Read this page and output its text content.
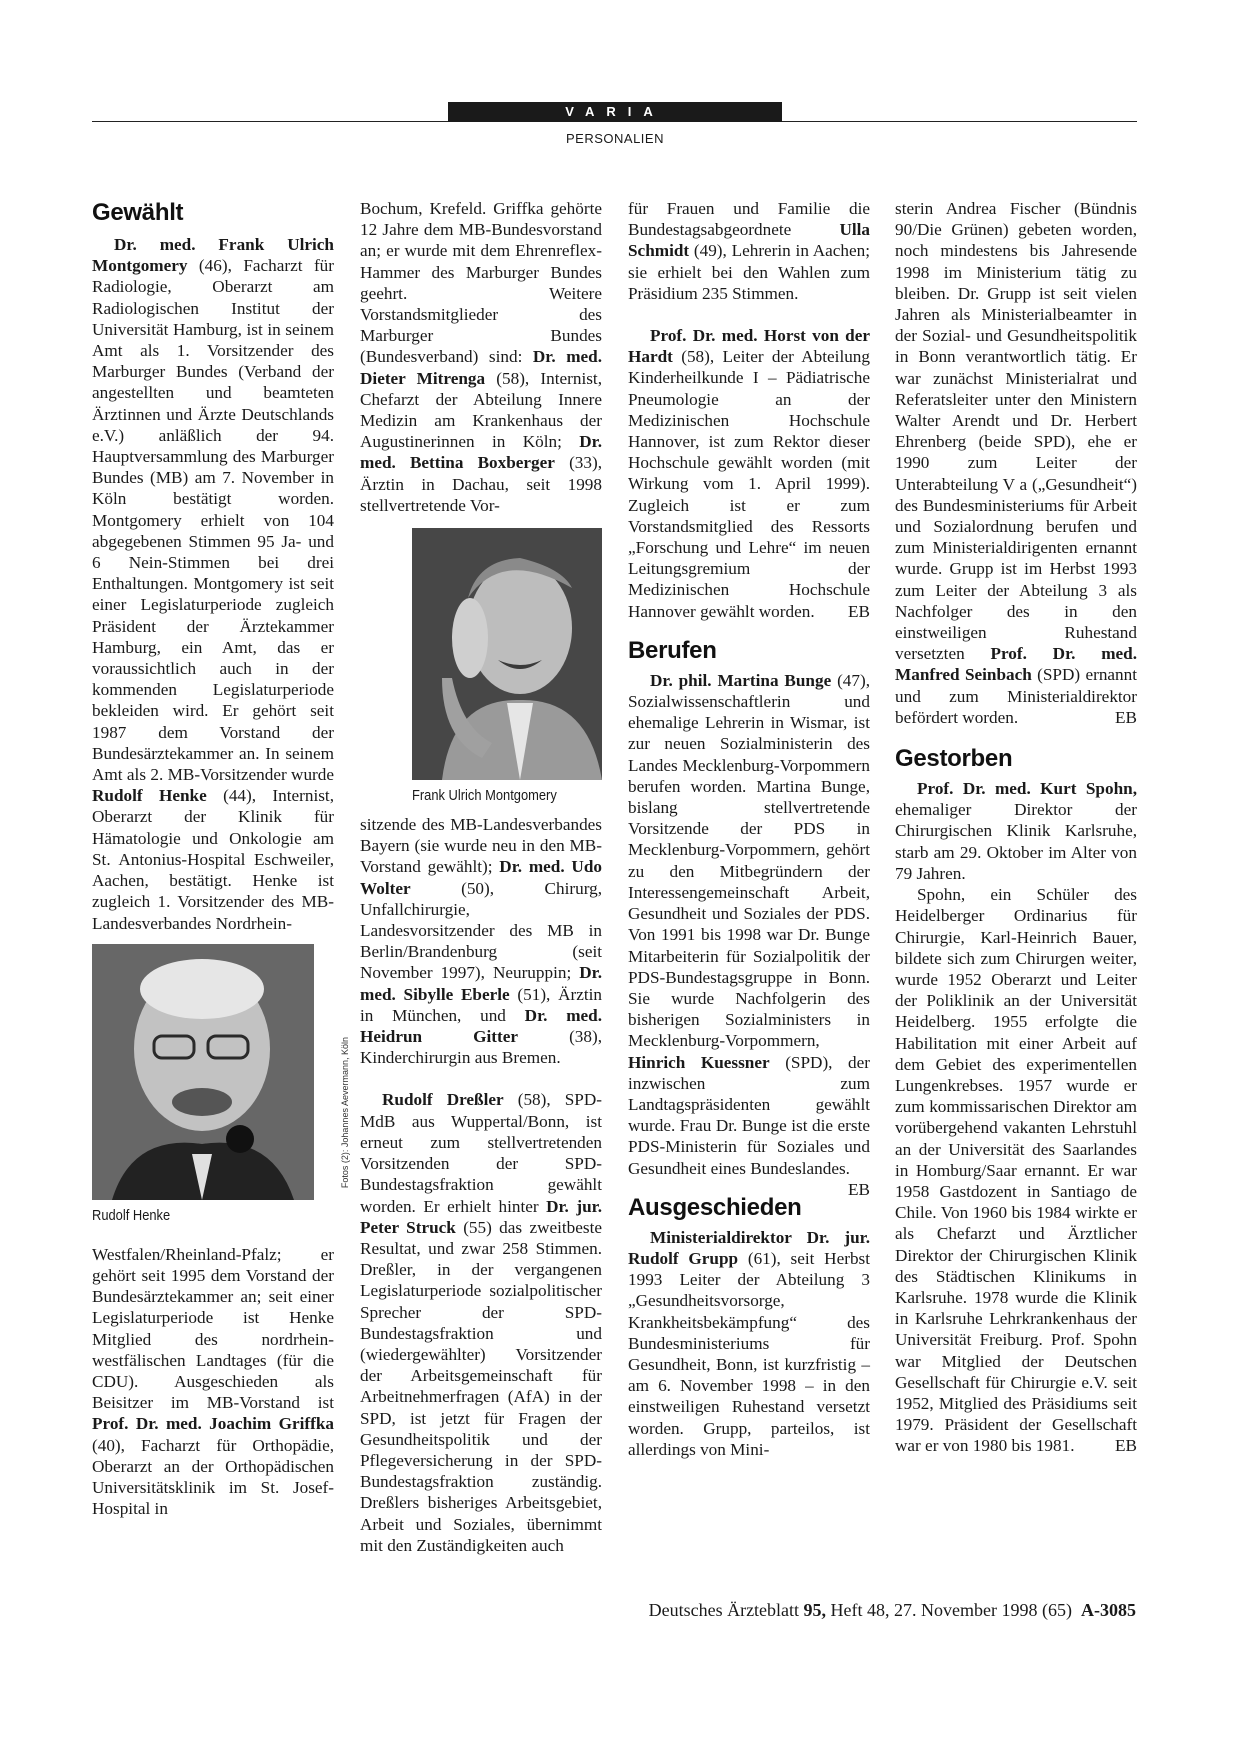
VARIA
PERSONALIEN
Gewählt

Dr. med. Frank Ulrich Montgomery (46), Facharzt für Radiologie, Oberarzt am Radiologischen Institut der Universität Hamburg, ist in seinem Amt als 1. Vorsitzender des Marburger Bundes (Verband der angestellten und beamteten Ärztinnen und Ärzte Deutschlands e.V.) anläßlich der 94. Hauptversammlung des Marburger Bundes (MB) am 7. November in Köln bestätigt worden. Montgomery erhielt von 104 abgegebenen Stimmen 95 Ja- und 6 Nein-Stimmen bei drei Enthaltungen. Montgomery ist seit einer Legislaturperiode zugleich Präsident der Ärztekammer Hamburg, ein Amt, das er voraussichtlich auch in der kommenden Legislaturperiode bekleiden wird. Er gehört seit 1987 dem Vorstand der Bundesärztekammer an. In seinem Amt als 2. MB-Vorsitzender wurde Rudolf Henke (44), Internist, Oberarzt der Klinik für Hämatologie und Onkologie am St. Antonius-Hospital Eschweiler, Aachen, bestätigt. Henke ist zugleich 1. Vorsitzender des MB-Landesverbandes Nordrhein-

Fotos (2): Johannes Aevermann, Köln
Rudolf Henke

Westfalen/Rheinland-Pfalz; er gehört seit 1995 dem Vorstand der Bundesärztekammer an; seit einer Legislaturperiode ist Henke Mitglied des nordrhein-westfälischen Landtages (für die CDU). Ausgeschieden als Beisitzer im MB-Vorstand ist Prof. Dr. med. Joachim Griffka (40), Facharzt für Orthopädie, Oberarzt an der Orthopädischen Universitätsklinik im St. Josef-Hospital in

Bochum, Krefeld. Griffka gehörte 12 Jahre dem MB-Bundesvorstand an; er wurde mit dem Ehrenreflex-Hammer des Marburger Bundes geehrt. Weitere Vorstandsmitglieder des Marburger Bundes (Bundesverband) sind: Dr. med. Dieter Mitrenga (58), Internist, Chefarzt der Abteilung Innere Medizin am Krankenhaus der Augustinerinnen in Köln; Dr. med. Bettina Boxberger (33), Ärztin in Dachau, seit 1998 stellvertretende Vor-

Frank Ulrich Montgomery

sitzende des MB-Landesverbandes Bayern (sie wurde neu in den MB-Vorstand gewählt); Dr. med. Udo Wolter (50), Chirurg, Unfallchirurgie, Landesvorsitzender des MB in Berlin/Brandenburg (seit November 1997), Neuruppin; Dr. med. Sibylle Eberle (51), Ärztin in München, und Dr. med. Heidrun Gitter (38), Kinderchirurgin aus Bremen.

Rudolf Dreßler (58), SPD-MdB aus Wuppertal/Bonn, ist erneut zum stellvertretenden Vorsitzenden der SPD-Bundestagsfraktion gewählt worden. Er erhielt hinter Dr. jur. Peter Struck (55) das zweitbeste Resultat, und zwar 258 Stimmen. Dreßler, in der vergangenen Legislaturperiode sozialpolitischer Sprecher der SPD-Bundestagsfraktion und (wiedergewählter) Vorsitzender der Arbeitsgemeinschaft für Arbeitnehmerfragen (AfA) in der SPD, ist jetzt für Fragen der Gesundheitspolitik und der Pflegeversicherung in der SPD-Bundestagsfraktion zuständig. Dreßlers bisheriges Arbeitsgebiet, Arbeit und Soziales, übernimmt mit den Zuständigkeiten auch

für Frauen und Familie die Bundestagsabgeordnete Ulla Schmidt (49), Lehrerin in Aachen; sie erhielt bei den Wahlen zum Präsidium 235 Stimmen.

Prof. Dr. med. Horst von der Hardt (58), Leiter der Abteilung Kinderheilkunde I – Pädiatrische Pneumologie an der Medizinischen Hochschule Hannover, ist zum Rektor dieser Hochschule gewählt worden (mit Wirkung vom 1. April 1999). Zugleich ist er zum Vorstandsmitglied des Ressorts „Forschung und Lehre“ im neuen Leitungsgremium der Medizinischen Hochschule Hannover gewählt worden.	EB

Berufen

Dr. phil. Martina Bunge (47), Sozialwissenschaftlerin und ehemalige Lehrerin in Wismar, ist zur neuen Sozialministerin des Landes Mecklenburg-Vorpommern berufen worden. Martina Bunge, bislang stellvertretende Vorsitzende der PDS in Mecklenburg-Vorpommern, gehört zu den Mitbegründern der Interessengemeinschaft Arbeit, Gesundheit und Soziales der PDS. Von 1991 bis 1998 war Dr. Bunge Mitarbeiterin für Sozialpolitik der PDS-Bundestagsgruppe in Bonn. Sie wurde Nachfolgerin des bisherigen Sozialministers in Mecklenburg-Vorpommern, Hinrich Kuessner (SPD), der inzwischen zum Landtagspräsidenten gewählt wurde. Frau Dr. Bunge ist die erste PDS-Ministerin für Soziales und Gesundheit eines Bundeslandes.
EB

Ausgeschieden

Ministerialdirektor Dr. jur. Rudolf Grupp (61), seit Herbst 1993 Leiter der Abteilung 3 „Gesundheitsvorsorge, Krankheitsbekämpfung“ des Bundesministeriums für Gesundheit, Bonn, ist kurzfristig – am 6. November 1998 – in den einstweiligen Ruhestand versetzt worden. Grupp, parteilos, ist allerdings von Mini-

sterin Andrea Fischer (Bündnis 90/Die Grünen) gebeten worden, noch mindestens bis Jahresende 1998 im Ministerium tätig zu bleiben. Dr. Grupp ist seit vielen Jahren als Ministerialbeamter in der Sozial- und Gesundheitspolitik in Bonn verantwortlich tätig. Er war zunächst Ministerialrat und Referatsleiter unter den Ministern Walter Arendt und Dr. Herbert Ehrenberg (beide SPD), ehe er 1990 zum Leiter der Unterabteilung V a („Gesundheit“) des Bundesministeriums für Arbeit und Sozialordnung berufen und zum Ministerialdirigenten ernannt wurde. Grupp ist im Herbst 1993 zum Leiter der Abteilung 3 als Nachfolger des in den einstweiligen Ruhestand versetzten Prof. Dr. med. Manfred Seinbach (SPD) ernannt und zum Ministerialdirektor befördert worden.	EB

Gestorben

Prof. Dr. med. Kurt Spohn, ehemaliger Direktor der Chirurgischen Klinik Karlsruhe, starb am 29. Oktober im Alter von 79 Jahren.

Spohn, ein Schüler des Heidelberger Ordinarius für Chirurgie, Karl-Heinrich Bauer, bildete sich zum Chirurgen weiter, wurde 1952 Oberarzt und Leiter der Poliklinik an der Universität Heidelberg. 1955 erfolgte die Habilitation mit einer Arbeit auf dem Gebiet des experimentellen Lungenkrebses. 1957 wurde er zum kommissarischen Direktor am vorübergehend vakanten Lehrstuhl an der Universität des Saarlandes in Homburg/Saar ernannt. Er war 1958 Gastdozent in Santiago de Chile. Von 1960 bis 1984 wirkte er als Chefarzt und Ärztlicher Direktor der Chirurgischen Klinik des Städtischen Klinikums in Karlsruhe. 1978 wurde die Klinik in Karlsruhe Lehrkrankenhaus der Universität Freiburg. Prof. Spohn war Mitglied der Deutschen Gesellschaft für Chirurgie e.V. seit 1952, Mitglied des Präsidiums seit 1979. Präsident der Gesellschaft war er von 1980 bis 1981.	EB

Deutsches Ärzteblatt 95, Heft 48, 27. November 1998 (65) A-3085
